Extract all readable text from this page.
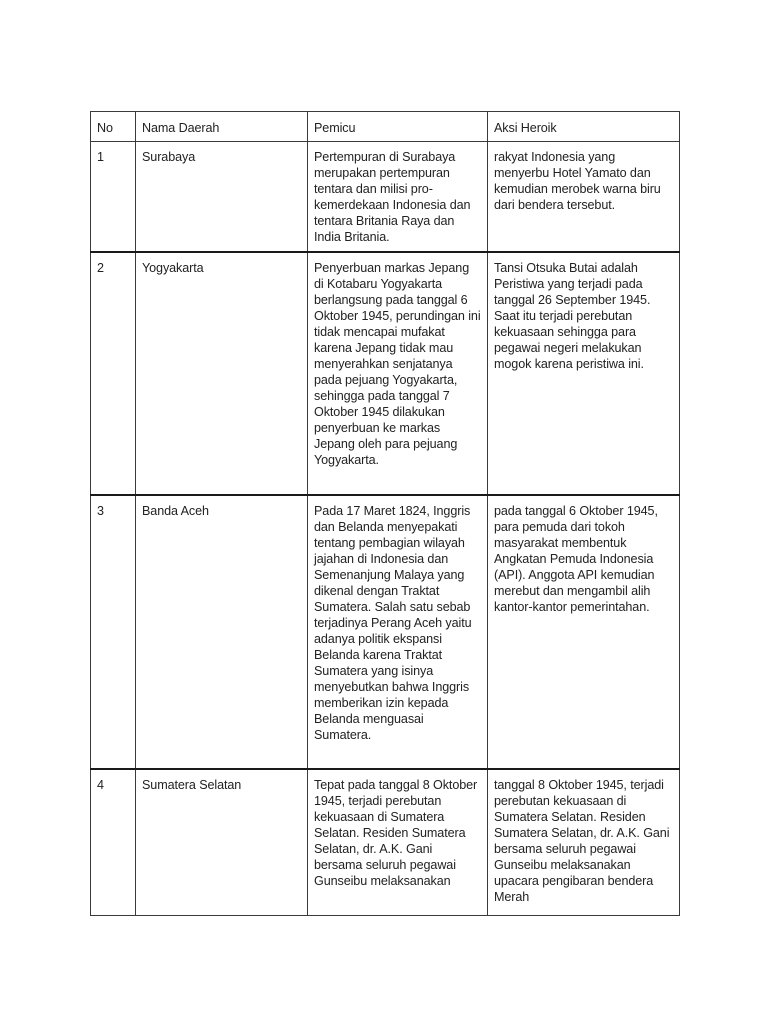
No	Nama Daerah	Pemicu	Aksi Heroik

1	Surabaya	Pertempuran di Surabaya merupakan pertempuran tentara dan milisi pro-kemerdekaan Indonesia dan tentara Britania Raya dan India Britania.	rakyat Indonesia yang menyerbu Hotel Yamato dan kemudian merobek warna biru dari bendera tersebut.

2	Yogyakarta	Penyerbuan markas Jepang di Kotabaru Yogyakarta berlangsung pada tanggal 6 Oktober 1945, perundingan ini tidak mencapai mufakat karena Jepang tidak mau menyerahkan senjatanya pada pejuang Yogyakarta, sehingga pada tanggal 7 Oktober 1945 dilakukan penyerbuan ke markas Jepang oleh para pejuang Yogyakarta.	Tansi Otsuka Butai adalah Peristiwa yang terjadi pada tanggal 26 September 1945. Saat itu terjadi perebutan kekuasaan sehingga para pegawai negeri melakukan mogok karena peristiwa ini.

3	Banda Aceh	Pada 17 Maret 1824, Inggris dan Belanda menyepakati tentang pembagian wilayah jajahan di Indonesia dan Semenanjung Malaya yang dikenal dengan Traktat Sumatera. Salah satu sebab terjadinya Perang Aceh yaitu adanya politik ekspansi Belanda karena Traktat Sumatera yang isinya menyebutkan bahwa Inggris memberikan izin kepada Belanda menguasai Sumatera.	pada tanggal 6 Oktober 1945, para pemuda dari tokoh masyarakat membentuk Angkatan Pemuda Indonesia (API). Anggota API kemudian merebut dan mengambil alih kantor-kantor pemerintahan.

4	Sumatera Selatan	Tepat pada tanggal 8 Oktober 1945, terjadi perebutan kekuasaan di Sumatera Selatan. Residen Sumatera Selatan, dr. A.K. Gani bersama seluruh pegawai Gunseibu melaksanakan	tanggal 8 Oktober 1945, terjadi perebutan kekuasaan di Sumatera Selatan. Residen Sumatera Selatan, dr. A.K. Gani bersama seluruh pegawai Gunseibu melaksanakan upacara pengibaran bendera Merah
